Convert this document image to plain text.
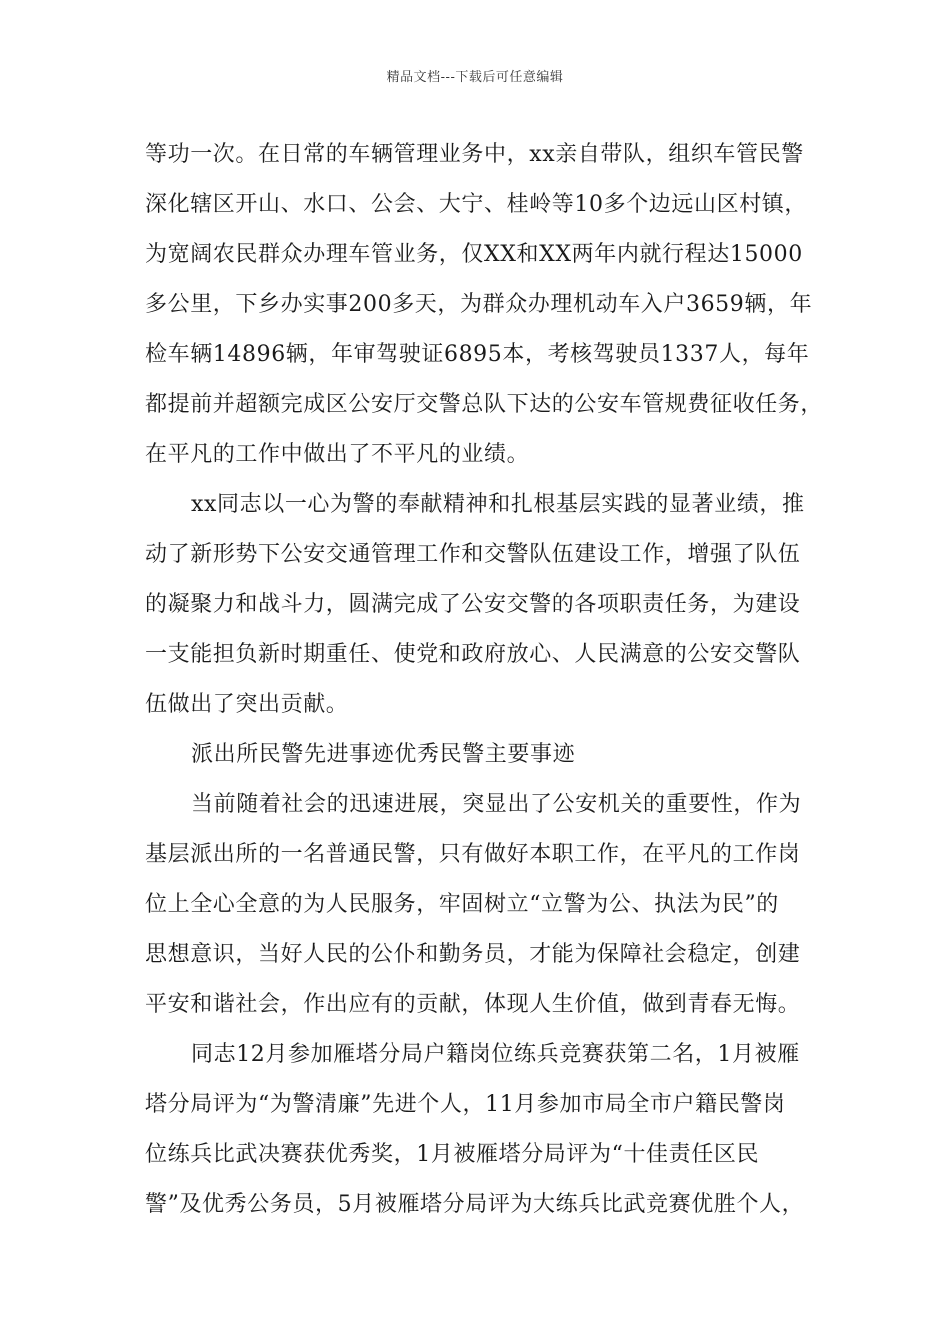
精品文档---下载后可任意编辑

等功一次。在日常的车辆管理业务中，xx亲自带队，组织车管民警
深化辖区开山、水口、公会、大宁、桂岭等10多个边远山区村镇，
为宽阔农民群众办理车管业务，仅XX和XX两年内就行程达15000
多公里，下乡办实事200多天，为群众办理机动车入户3659辆，年
检车辆14896辆，年审驾驶证6895本，考核驾驶员1337人，每年
都提前并超额完成区公安厅交警总队下达的公安车管规费征收任务，
在平凡的工作中做出了不平凡的业绩。

xx同志以一心为警的奉献精神和扎根基层实践的显著业绩，推
动了新形势下公安交通管理工作和交警队伍建设工作，增强了队伍
的凝聚力和战斗力，圆满完成了公安交警的各项职责任务，为建设
一支能担负新时期重任、使党和政府放心、人民满意的公安交警队
伍做出了突出贡献。

派出所民警先进事迹优秀民警主要事迹

当前随着社会的迅速进展，突显出了公安机关的重要性，作为
基层派出所的一名普通民警，只有做好本职工作，在平凡的工作岗
位上全心全意的为人民服务，牢固树立“立警为公、执法为民”的
思想意识，当好人民的公仆和勤务员，才能为保障社会稳定，创建
平安和谐社会，作出应有的贡献，体现人生价值，做到青春无悔。

同志12月参加雁塔分局户籍岗位练兵竞赛获第二名，1月被雁
塔分局评为“为警清廉”先进个人，11月参加市局全市户籍民警岗
位练兵比武决赛获优秀奖，1月被雁塔分局评为“十佳责任区民
警”及优秀公务员，5月被雁塔分局评为大练兵比武竞赛优胜个人，
